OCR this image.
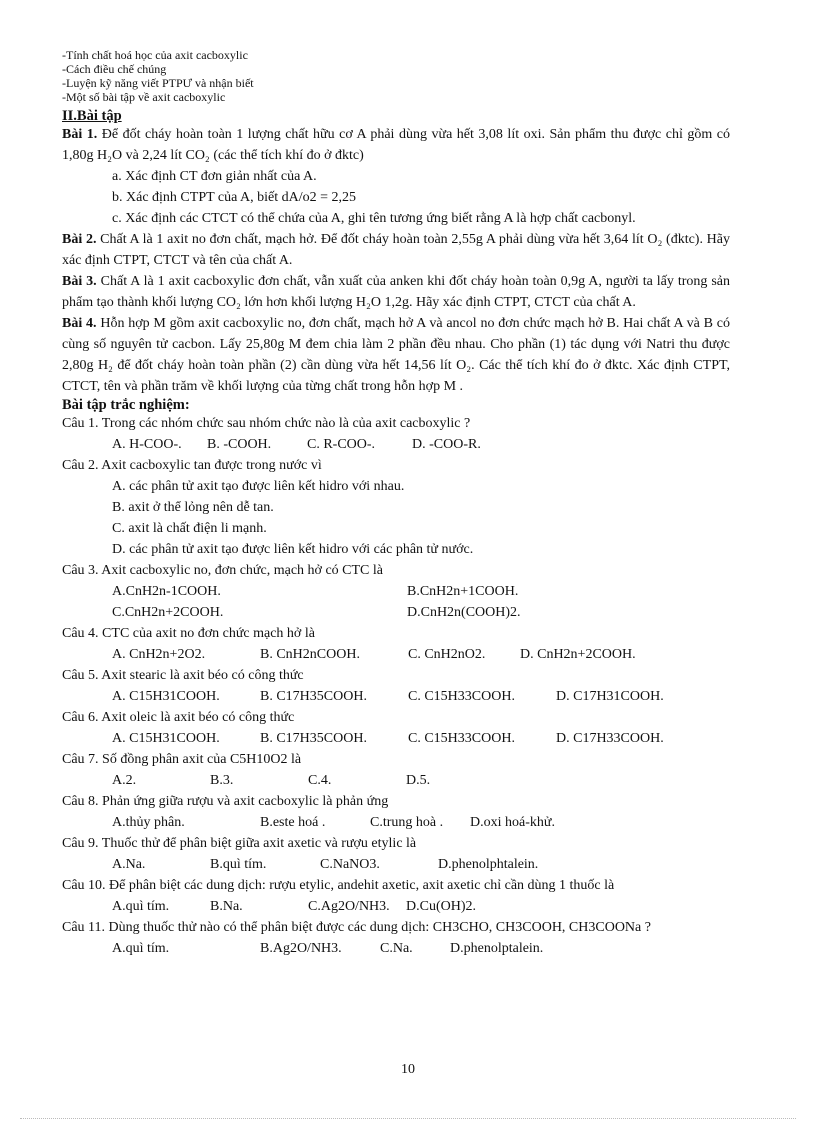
-Tính chất hoá học của axit cacboxylic
-Cách điều chế chúng
-Luyện kỹ năng viết PTPƯ và nhận biết
-Một số bài tập về axit cacboxylic
II.Bài tập

Bài 1. Để đốt cháy hoàn toàn 1 lượng chất hữu cơ A phải dùng vừa hết 3,08 lít oxi. Sản phẩm thu được chỉ gồm có 1,80g H₂O và 2,24 lít CO₂ (các thể tích khí đo ở đktc)

a. Xác định CT đơn giản nhất của A.
b. Xác định CTPT của A, biết dA/o2 = 2,25

c. Xác định các CTCT có thể chứa của A, ghi tên tương ứng biết rằng A là hợp chất cacbonyl.

Bài 2. Chất A là 1 axit no đơn chất, mạch hở. Để đốt cháy hoàn toàn 2,55g A phải dùng vừa hết 3,64 lít O₂ (đktc). Hãy xác định CTPT, CTCT và tên của chất A.

Bài 3. Chất A là 1 axit cacboxylic đơn chất, vẫn xuất của anken khi đốt cháy hoàn toàn 0,9g A, người ta lấy trong sản phẩm tạo thành khối lượng CO₂ lớn hơn khối lượng H₂O 1,2g. Hãy xác định CTPT, CTCT của chất A.

Bài 4. Hỗn hợp M gồm axit cacboxylic no, đơn chất, mạch hở A và ancol no đơn chức mạch hở B. Hai chất A và B có cùng số nguyên tử cacbon. Lấy 25,80g M đem chia làm 2 phần đều nhau. Cho phần (1) tác dụng với Natri thu được 2,80g H₂ để đốt cháy hoàn toàn phần (2) cần dùng vừa hết 14,56 lít O₂. Các thể tích khí đo ở đktc. Xác định CTPT, CTCT, tên và phần trăm về khối lượng của từng chất trong hỗn hợp M .

Bài tập trắc nghiệm:
Câu 1. Trong các nhóm chức sau nhóm chức nào là của axit cacboxylic ?
A. H-COO-. B. -COOH.	C. R-COO-.	D. -COO-R.
Câu 2. Axit cacboxylic tan được trong nước vì
A. các phân tử axit tạo được liên kết hidro với nhau.
B. axit ở thể lỏng nên dễ tan.
C. axit là chất điện li mạnh.
D. các phân tử axit tạo được liên kết hidro với các phân tử nước.
Câu 3. Axit cacboxylic no, đơn chức, mạch hở có CTC là
A.CnH2n-1COOH.	B.CnH2n+1COOH.
C.CnH2n+2COOH.	D.CnH2n(COOH)2.
Câu 4. CTC của axit no đơn chức mạch hở là
A. CnH2n+2O2.	B. CnH2nCOOH.	C. CnH2nO2. D. CnH2n+2COOH.
Câu 5. Axit stearic là axit béo có công thức
A. C15H31COOH.	B. C17H35COOH.	C. C15H33COOH.	D. C17H31COOH.
Câu 6. Axit oleic là axit béo có công thức
A. C15H31COOH.	B. C17H35COOH.	C. C15H33COOH.	D. C17H33COOH.
Câu 7. Số đồng phân axit của C5H10O2 là
A.2.	B.3.	C.4.	D.5.
Câu 8. Phản ứng giữa rượu và axit cacboxylic là phản ứng
A.thủy phân.	B.este hoá .	C.trung hoà . D.oxi hoá-khử.
Câu 9. Thuốc thử để phân biệt giữa axit axetic và rượu etylic là
A.Na.	B.quì tím.	C.NaNO3.	D.phenolphtalein.
Câu 10. Để phân biệt các dung dịch: rượu etylic, andehit axetic, axit axetic chỉ cần dùng 1 thuốc là
A.quì tím.	B.Na.	C.Ag2O/NH3. D.Cu(OH)2.
Câu 11. Dùng thuốc thử nào có thể phân biệt được các dung dịch: CH3CHO, CH3COOH, CH3COONa ?
A.quì tím.	B.Ag2O/NH3.	C.Na.	D.phenolptalein.
10
